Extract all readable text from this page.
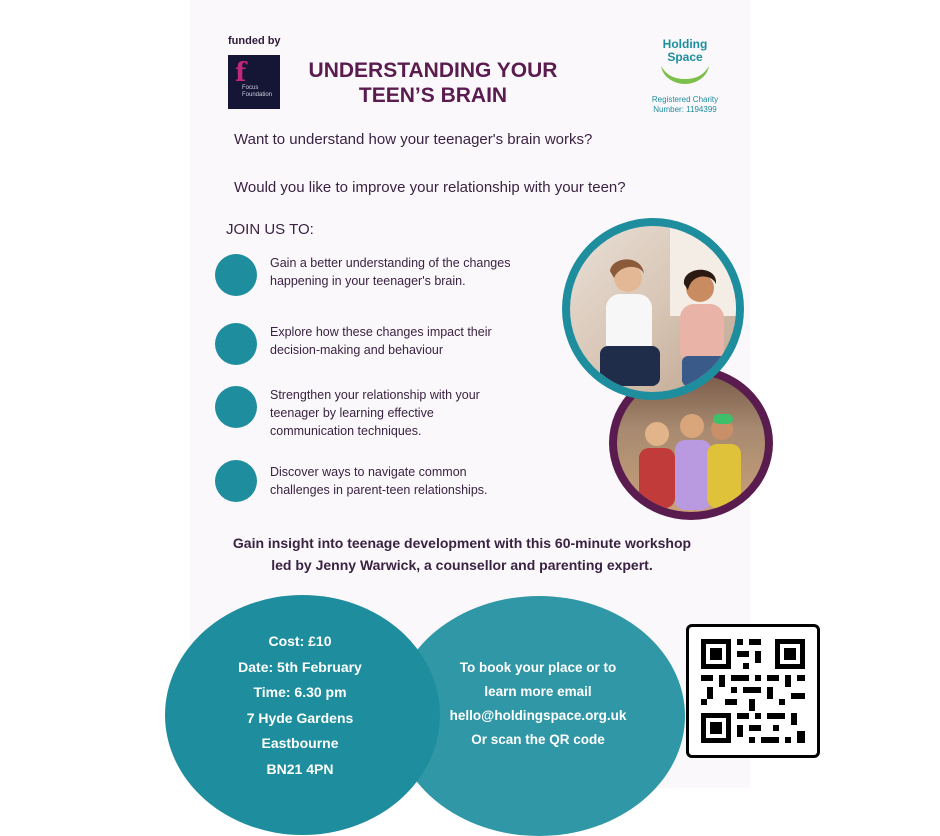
funded by
f
Focus Foundation
UNDERSTANDING YOUR
TEEN’S BRAIN
Holding
Space
Registered Charity
Number: 1194399
Want to understand how your teenager's brain works?
Would you like to improve your relationship with your teen?
JOIN US TO:
Gain a better understanding of the changes happening in your teenager's brain.
Explore how these changes impact their decision-making and behaviour
Strengthen your relationship with your teenager by learning effective communication techniques.
Discover ways to navigate common challenges in parent-teen relationships.
Gain insight into teenage development with this 60-minute workshop led by Jenny Warwick, a counsellor and parenting expert.
Cost: £10
Date: 5th February
Time: 6.30 pm
7 Hyde Gardens
Eastbourne
BN21 4PN
To book your place or to
learn more email
hello@holdingspace.org.uk
Or scan the QR code
